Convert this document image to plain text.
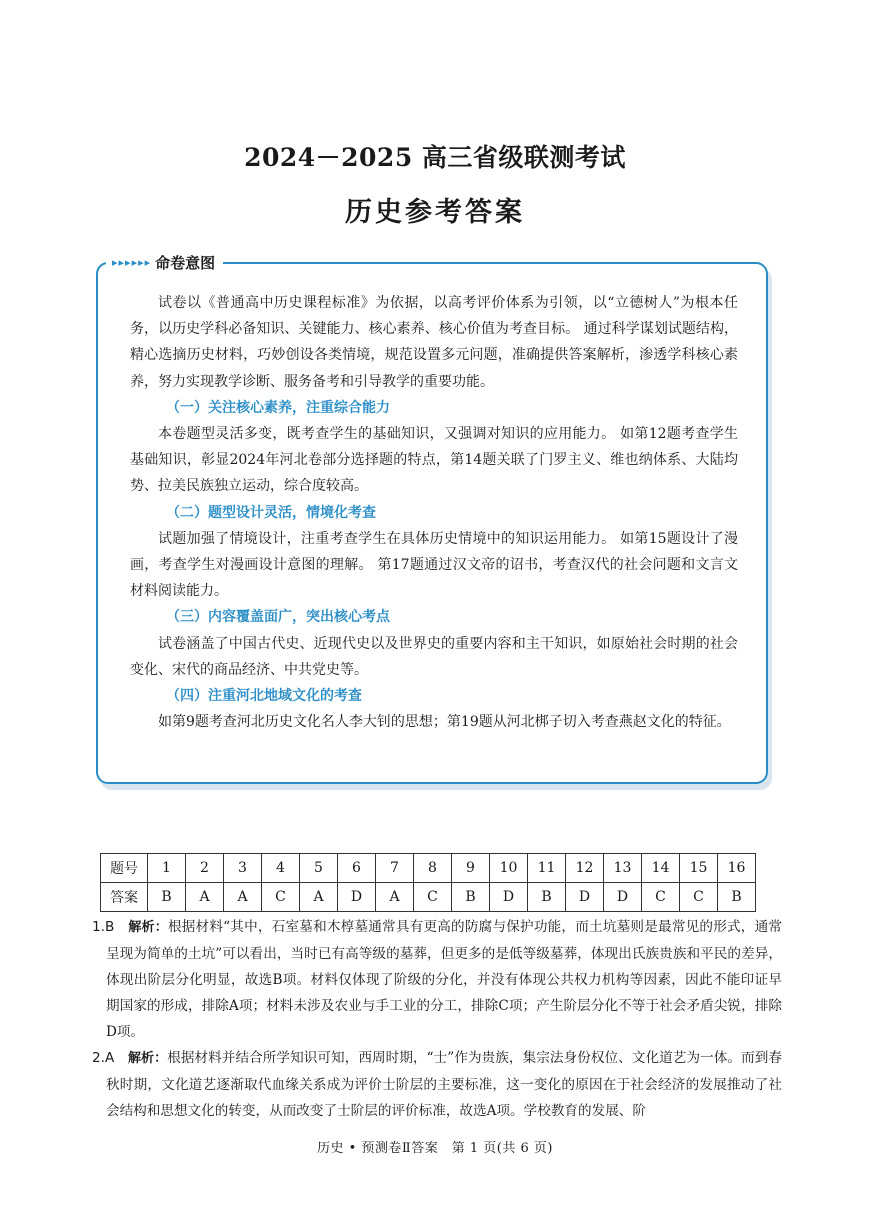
2024－2025 高三省级联测考试
历史参考答案
▸▸▸▸▸▸ 命卷意图

试卷以《普通高中历史课程标准》为依据，以高考评价体系为引领，以“立德树人”为根本任务，以历史学科必备知识、关键能力、核心素养、核心价值为考查目标。 通过科学谋划试题结构，精心选摘历史材料，巧妙创设各类情境，规范设置多元问题，准确提供答案解析，渗透学科核心素养，努力实现教学诊断、服务备考和引导教学的重要功能。

（一）关注核心素养，注重综合能力

本卷题型灵活多变，既考查学生的基础知识，又强调对知识的应用能力。 如第12题考查学生基础知识，彰显2024年河北卷部分选择题的特点，第14题关联了门罗主义、维也纳体系、大陆均势、拉美民族独立运动，综合度较高。

（二）题型设计灵活，情境化考查

试题加强了情境设计，注重考查学生在具体历史情境中的知识运用能力。 如第15题设计了漫画，考查学生对漫画设计意图的理解。 第17题通过汉文帝的诏书，考查汉代的社会问题和文言文材料阅读能力。

（三）内容覆盖面广，突出核心考点

试卷涵盖了中国古代史、近现代史以及世界史的重要内容和主干知识，如原始社会时期的社会变化、宋代的商品经济、中共党史等。

（四）注重河北地域文化的考查

如第9题考查河北历史文化名人李大钊的思想；第19题从河北梆子切入考查燕赵文化的特征。

题号	1	2	3	4	5	6	7	8	9	10	11	12	13	14	15	16
答案	B	A	A	C	A	D	A	C	B	D	B	D	D	C	C	B

1.B　 解析：根据材料“其中，石室墓和木椁墓通常具有更高的防腐与保护功能，而土坑墓则是最常见的形式，通常呈现为简单的土坑”可以看出，当时已有高等级的墓葬，但更多的是低等级墓葬，体现出氏族贵族和平民的差异，体现出阶层分化明显，故选B项。材料仅体现了阶级的分化，并没有体现公共权力机构等因素，因此不能印证早期国家的形成，排除A项；材料未涉及农业与手工业的分工，排除C项；产生阶层分化不等于社会矛盾尖锐，排除D项。

2.A　 解析：根据材料并结合所学知识可知，西周时期，“士”作为贵族，集宗法身份权位、文化道艺为一体。而到春秋时期，文化道艺逐渐取代血缘关系成为评价士阶层的主要标准，这一变化的原因在于社会经济的发展推动了社会结构和思想文化的转变，从而改变了士阶层的评价标准，故选A项。学校教育的发展、阶

历史 • 预测卷Ⅱ答案　第 1 页(共 6 页)
